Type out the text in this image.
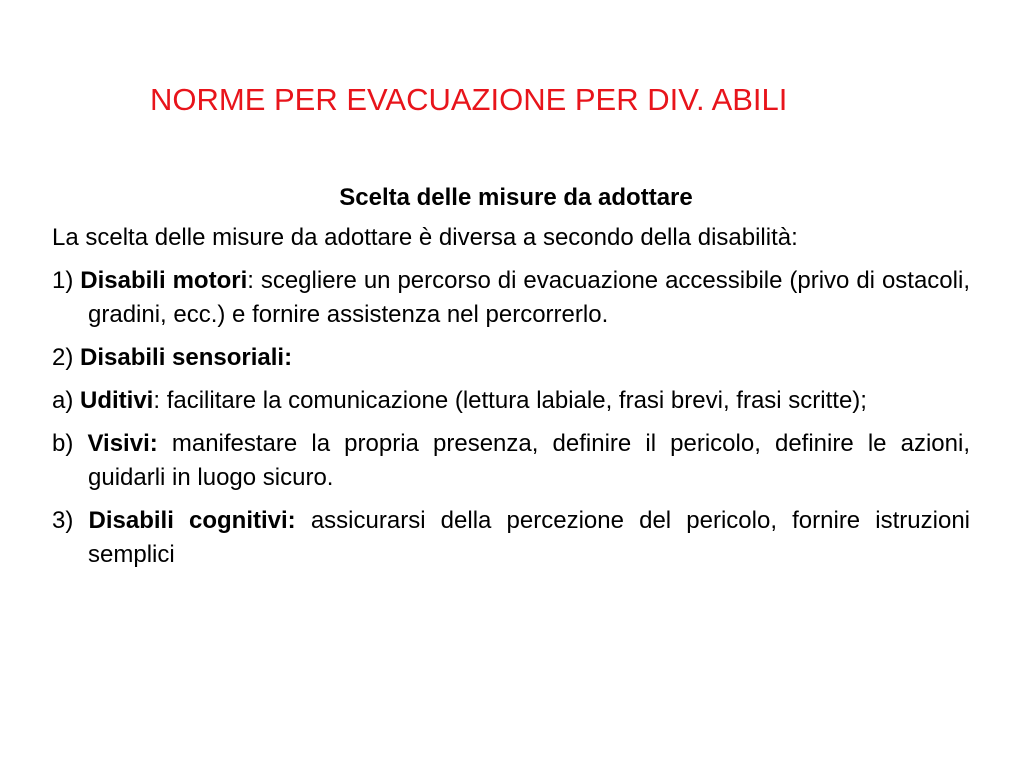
NORME PER EVACUAZIONE PER DIV. ABILI
Scelta delle misure da adottare
La scelta delle misure da adottare è diversa a secondo della disabilità:
1) Disabili motori: scegliere un percorso di evacuazione accessibile (privo di ostacoli, gradini, ecc.) e fornire assistenza nel percorrerlo.
2) Disabili sensoriali:
a) Uditivi: facilitare la comunicazione (lettura labiale, frasi brevi, frasi scritte);
b) Visivi: manifestare la propria presenza, definire il pericolo, definire le azioni, guidarli in luogo sicuro.
3) Disabili cognitivi: assicurarsi della percezione del pericolo, fornire istruzioni semplici
